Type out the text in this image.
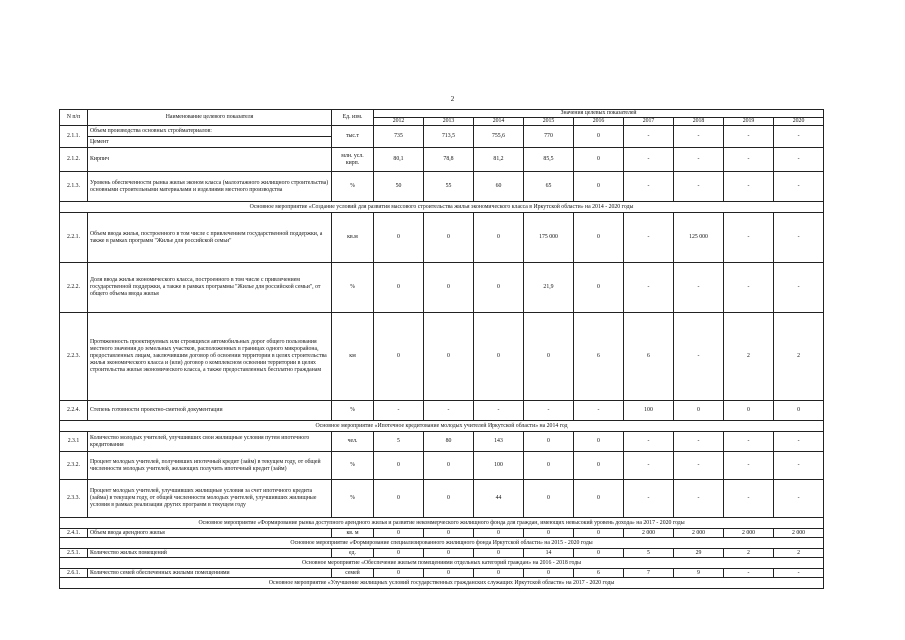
2
N п/п	Наименование целевого показателя	Ед. изм.	Значения целевых показателей								
			2012	2013	2014	2015	2016	2017	2018	2019	2020
2.1.1.	Объем производства основных стройматериалов:	тыс.т	735	713,5	755,6	770	0	-	-	-	-
	Цемент										
2.1.2.	Кирпич	млн. усл. кирп.	80,1	78,8	81,2	85,5	0	-	-	-	-
2.1.3.	Уровень обеспеченности рынка жилья эконом класса (малоэтажного жилищного строительства) основными строительными материалами и изделиями местного производства	%	50	55	60	65	0	-	-	-	-
Основное мероприятие «Создание условий для развития массового строительства жилья экономического класса в Иркутской области» на 2014 - 2020 годы											
2.2.1.	Объем ввода жилья, построенного в том числе с привлечением государственной поддержки, а также в рамках программ "Жилье для российской семьи"	кв.м	0	0	0	175 000	0	-	125 000	-	-
2.2.2.	Доля ввода жилья экономического класса, построенного в том числе с привлечением государственной поддержки, а также в рамках программы "Жилье для российской семьи", от общего объема ввода жилья	%	0	0	0	21,9	0	-	-	-	-
2.2.3.	Протяженность проектируемых или строящихся автомобильных дорог общего пользования местного значения до земельных участков, расположенных в границах одного микрорайона, предоставленных лицам, заключившим договор об освоении территории в целях строительства жилья экономического класса и (или) договор о комплексном освоении территории в целях строительства жилья экономического класса, а также предоставленных бесплатно гражданам	км	0	0	0	0	6	6	-	2	2
2.2.4.	Степень готовности проектно-сметной документации	%	-	-	-	-	-	100	0	0	0
Основное мероприятие «Ипотечное кредитование молодых учителей Иркутской области» на 2014 год											
2.3.1	Количество молодых учителей, улучшивших свои жилищные условия путем ипотечного кредитования	чел.	5	80	143	0	0	-	-	-	-
2.3.2.	Процент молодых учителей, получивших ипотечный кредит (займ) в текущем году, от общей численности молодых учителей, желающих получить ипотечный кредит (займ)	%	0	0	100	0	0	-	-	-	-
2.3.3.	Процент молодых учителей, улучшивших жилищные условия за счет ипотечного кредита (займа) в текущем году, от общей численности молодых учителей, улучшивших жилищные условия в рамках реализации других программ в текущем году	%	0	0	44	0	0	-	-	-	-
Основное мероприятие «Формирование рынка доступного арендного жилья и развитие некоммерческого жилищного фонда для граждан, имеющих невысокий уровень дохода» на 2017 - 2020 годы											
2.4.1.	Объем ввода арендного жилья	кв. м	0	0	0	0	0	2 000	2 000	2 000	2 000
Основное мероприятие «Формирование специализированного жилищного фонда Иркутской области» на 2015 - 2020 годы											
2.5.1.	Количество жилых помещений	ед.	0	0	0	14	0	5	29	2	2
Основное мероприятие «Обеспечение жильем помещениями отдельных категорий граждан» на 2016 - 2018 годы											
2.6.1.	Количество семей обеспеченных жилыми помещениями	семей	0	0	0	0	6	7	9	-	-
Основное мероприятие «Улучшение жилищных условий государственных гражданских служащих Иркутской области» на 2017 - 2020 годы											
